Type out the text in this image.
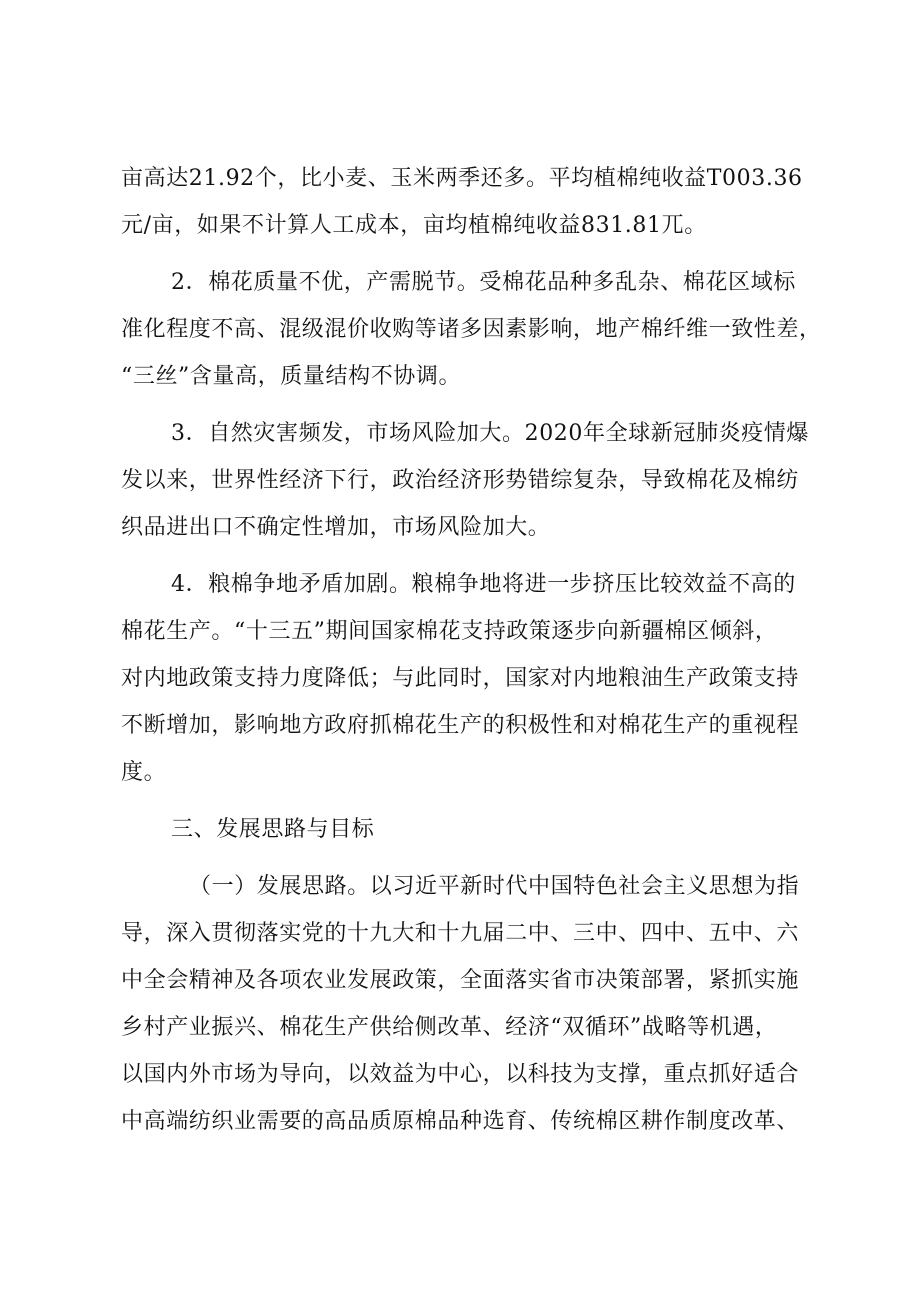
亩高达21.92个，比小麦、玉米两季还多。平均植棉纯收益T003.36
元/亩，如果不计算人工成本，亩均植棉纯收益831.81兀。
2．棉花质量不优，产需脱节。受棉花品种多乱杂、棉花区域标
准化程度不高、混级混价收购等诸多因素影响，地产棉纤维一致性差，
“三丝”含量高，质量结构不协调。
3．自然灾害频发，市场风险加大。2020年全球新冠肺炎疫情爆
发以来，世界性经济下行，政治经济形势错综复杂，导致棉花及棉纺
织品进出口不确定性增加，市场风险加大。
4．粮棉争地矛盾加剧。粮棉争地将进一步挤压比较效益不高的
棉花生产。“十三五”期间国家棉花支持政策逐步向新疆棉区倾斜，
对内地政策支持力度降低；与此同时，国家对内地粮油生产政策支持
不断增加，影响地方政府抓棉花生产的积极性和对棉花生产的重视程
度。
三、发展思路与目标
（一）发展思路。以习近平新时代中国特色社会主义思想为指
导，深入贯彻落实党的十九大和十九届二中、三中、四中、五中、六
中全会精神及各项农业发展政策，全面落实省市决策部署，紧抓实施
乡村产业振兴、棉花生产供给侧改革、经济“双循环”战略等机遇，
以国内外市场为导向，以效益为中心，以科技为支撑，重点抓好适合
中高端纺织业需要的高品质原棉品种选育、传统棉区耕作制度改革、
